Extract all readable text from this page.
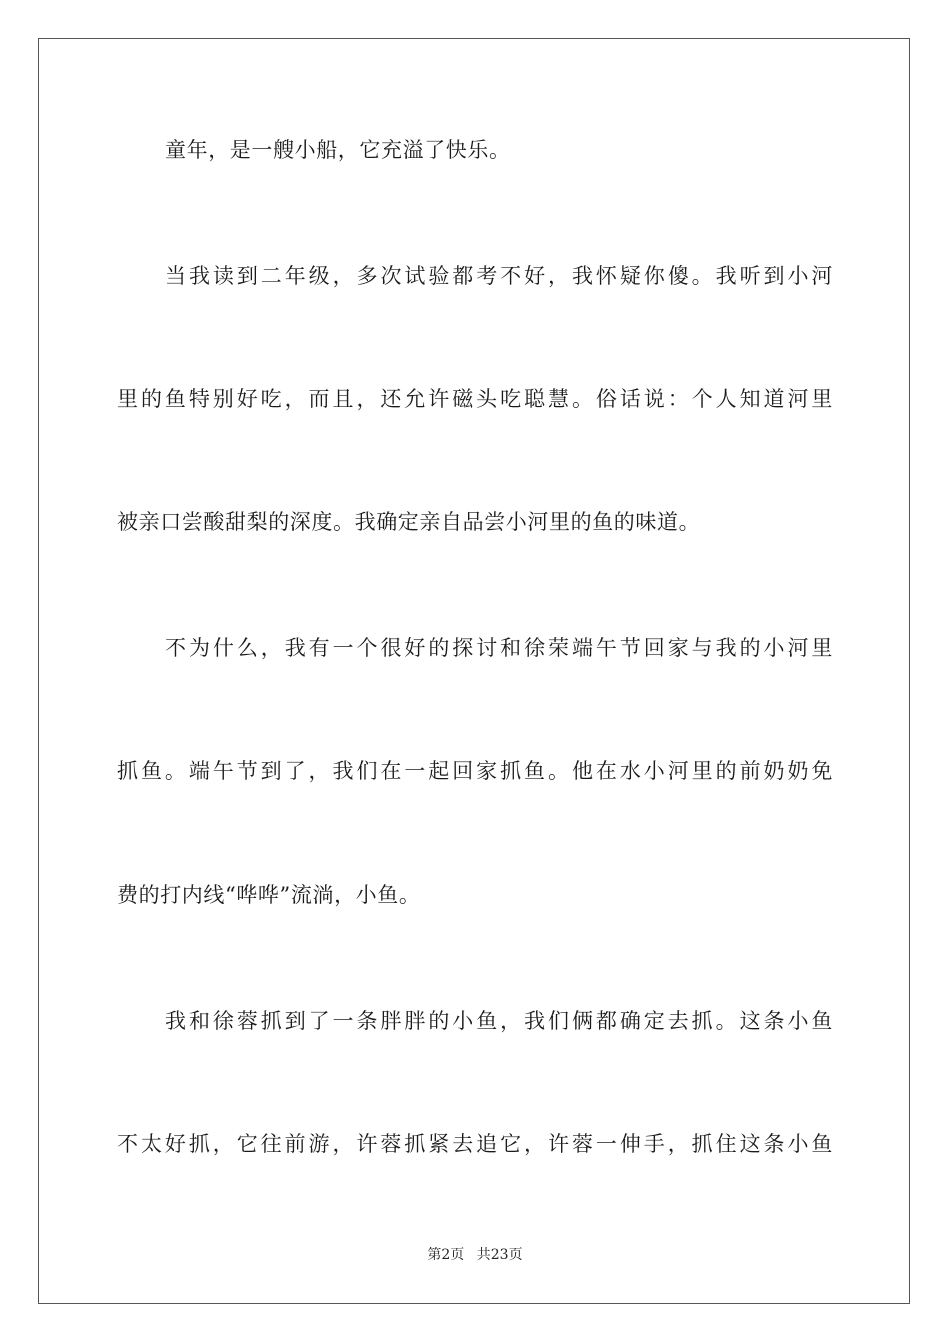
童年，是一艘小船，它充溢了快乐。
当我读到二年级，多次试验都考不好，我怀疑你傻。我听到小河
里的鱼特别好吃，而且，还允许磁头吃聪慧。俗话说：个人知道河里
被亲口尝酸甜梨的深度。我确定亲自品尝小河里的鱼的味道。
不为什么，我有一个很好的探讨和徐荣端午节回家与我的小河里
抓鱼。端午节到了，我们在一起回家抓鱼。他在水小河里的前奶奶免
费的打内线“哗哗”流淌，小鱼。
我和徐蓉抓到了一条胖胖的小鱼，我们俩都确定去抓。这条小鱼
不太好抓，它往前游，许蓉抓紧去追它，许蓉一伸手，抓住这条小鱼
第2页 共23页
